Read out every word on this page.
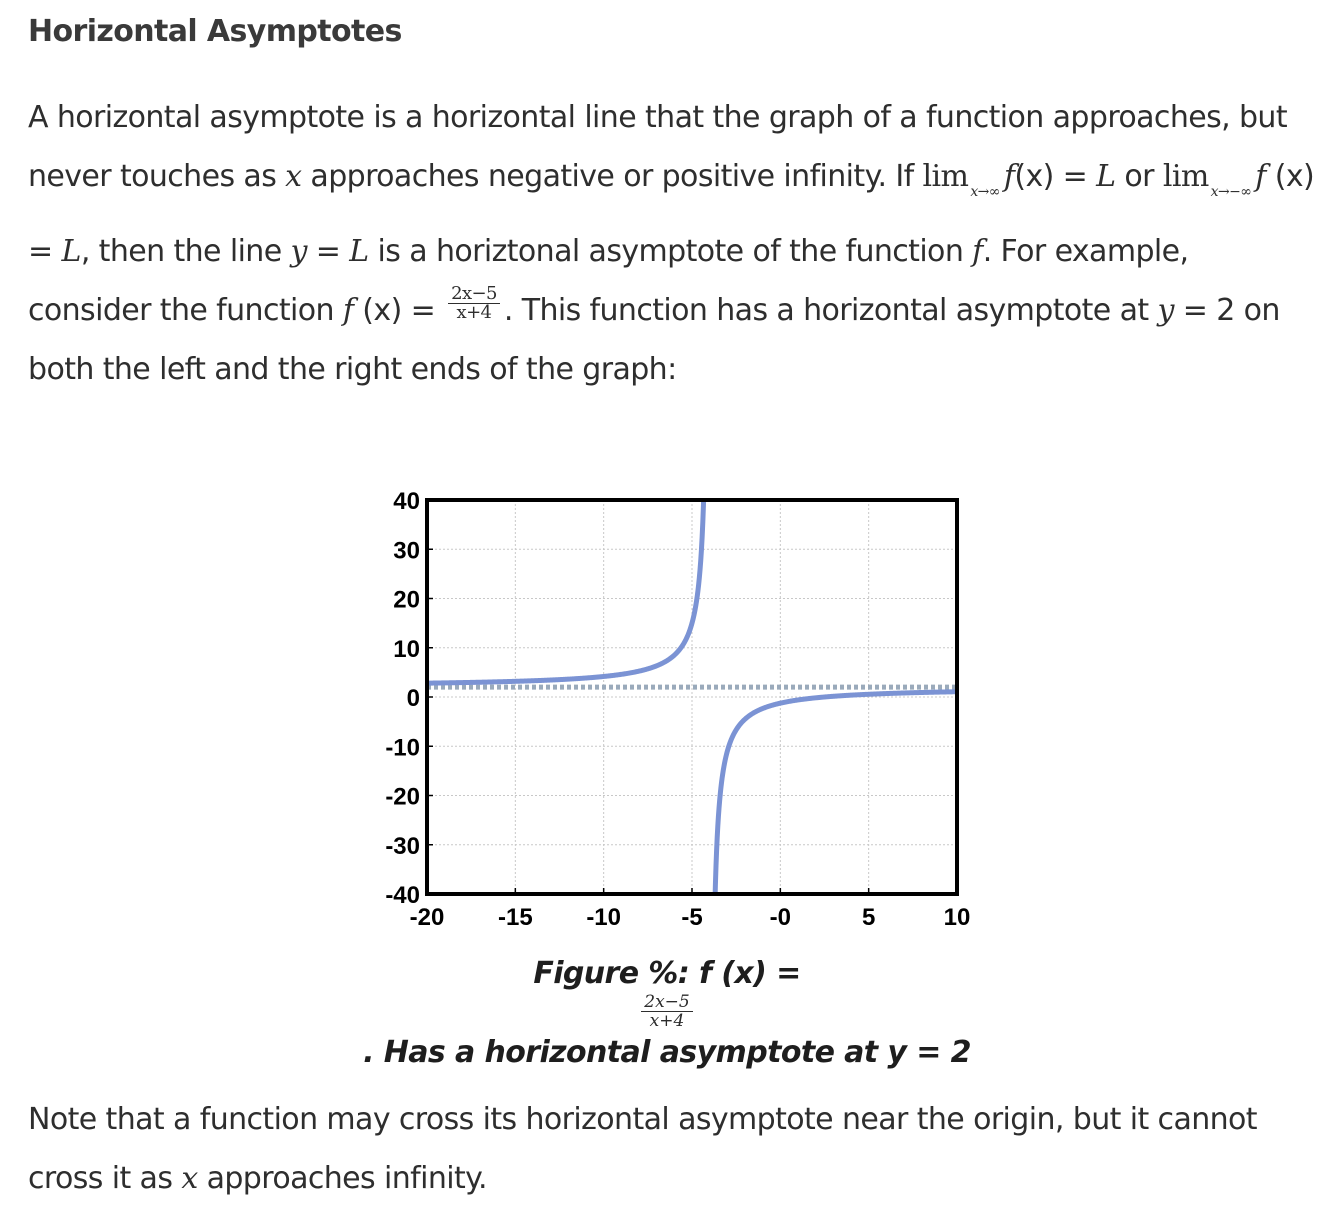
Horizontal Asymptotes
A horizontal asymptote is a horizontal line that the graph of a function approaches, but never touches as x approaches negative or positive infinity. If lim $_{x\to\infty}$ f(x) = L or lim $_{x\to-\infty}$ f (x) = L, then the line y = L is a horiztonal asymptote of the function f. For example, consider the function f $(x) = \frac{2x-5}{x+4}$ . This function has a horizontal asymptote at y = 2 on both the left and the right ends of the graph:
-20 -15 -10	-5	-0	5	10
40
30
20
10
0
-10
-20
-30
-40
Figure %: f (x) =
$\frac{2x-5}{x+4}$
. Has a horizontal asymptote at y = 2
Note that a function may cross its horizontal asymptote near the origin, but it cannot cross it as x approaches infinity.
